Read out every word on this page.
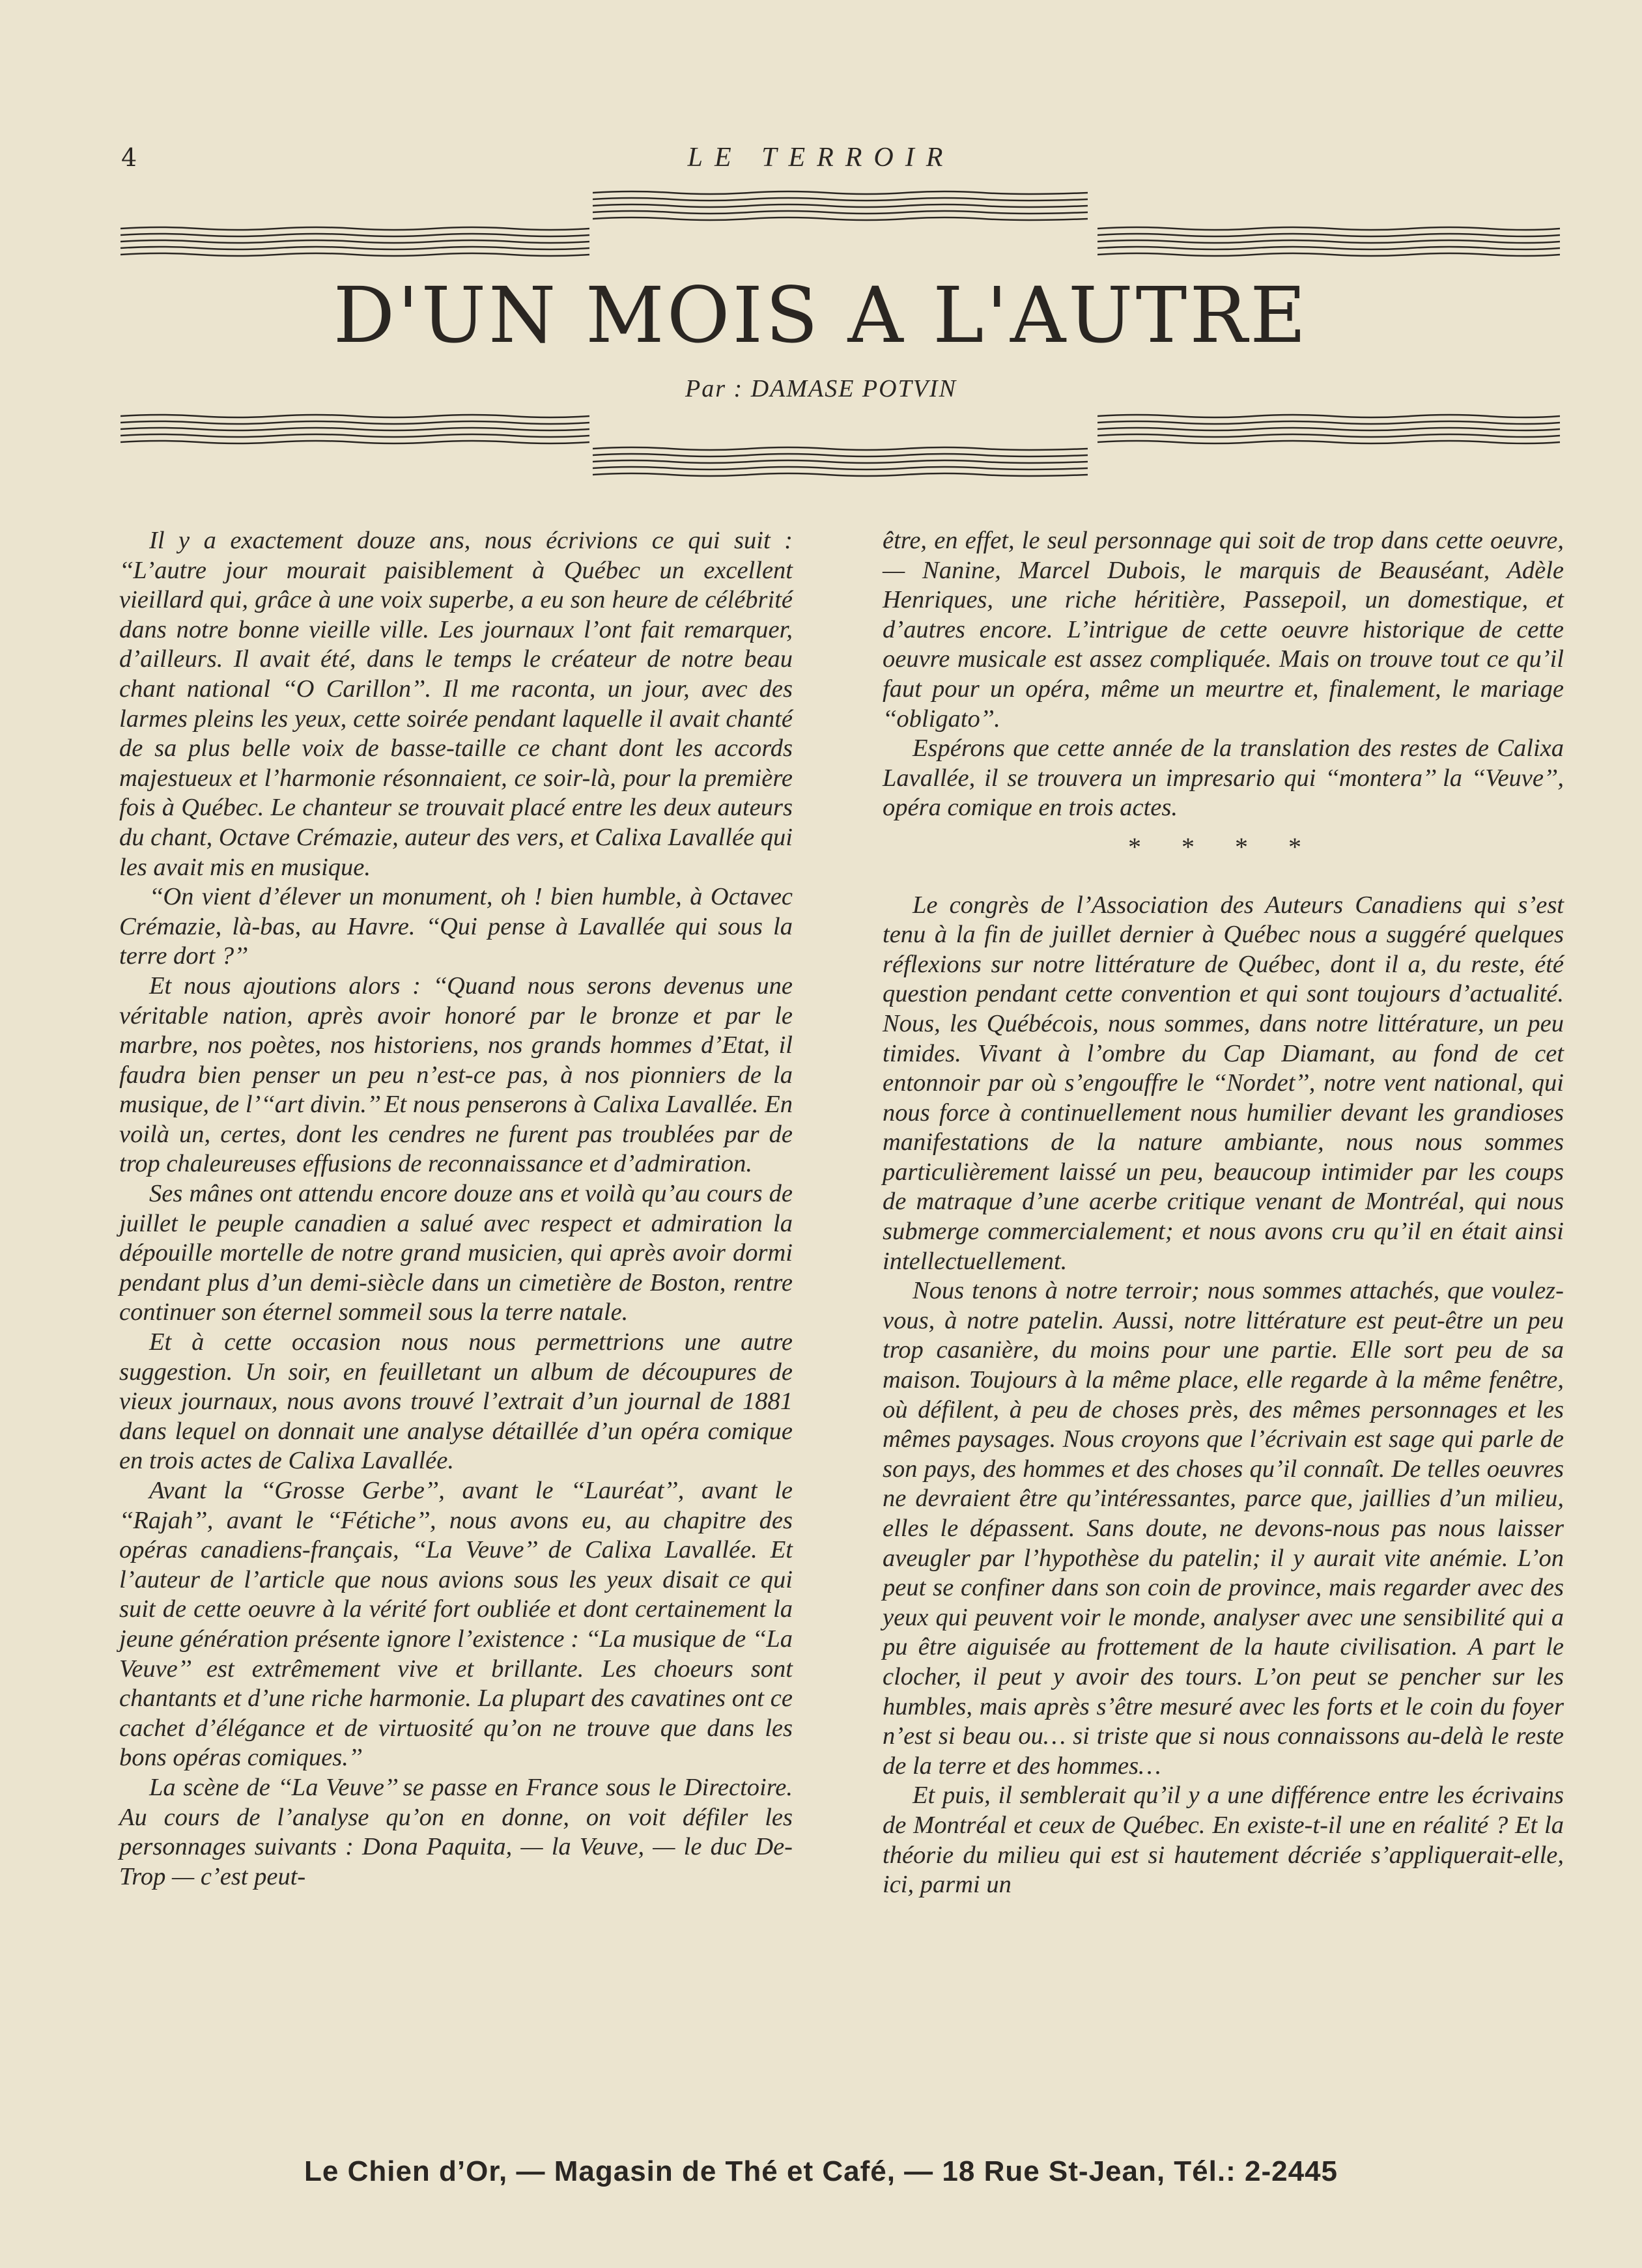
4	LE TERROIR
D'UN MOIS A L'AUTRE
Par : DAMASE POTVIN

Il y a exactement douze ans, nous écrivions ce qui suit : ‘‘L’autre jour mourait paisiblement à Québec un excellent vieillard qui, grâce à une voix superbe, a eu son heure de célébrité dans notre bonne vieille ville. Les journaux l’ont fait remarquer, d’ailleurs. Il avait été, dans le temps le créateur de notre beau chant national ‘‘O Carillon’’. Il me raconta, un jour, avec des larmes pleins les yeux, cette soirée pendant laquelle il avait chanté de sa plus belle voix de basse-taille ce chant dont les accords majestueux et l’harmonie résonnaient, ce soir-là, pour la première fois à Québec. Le chanteur se trouvait placé entre les deux auteurs du chant, Octave Crémazie, auteur des vers, et Calixa Lavallée qui les avait mis en musique.

‘‘On vient d’élever un monument, oh ! bien humble, à Octavec Crémazie, là-bas, au Havre. ‘‘Qui pense à Lavallée qui sous la terre dort ?’’

Et nous ajoutions alors : ‘‘Quand nous serons devenus une véritable nation, après avoir honoré par le bronze et par le marbre, nos poètes, nos historiens, nos grands hommes d’Etat, il faudra bien penser un peu n’est-ce pas, à nos pionniers de la musique, de l’‘‘art divin.’’ Et nous penserons à Calixa Lavallée. En voilà un, certes, dont les cendres ne furent pas troublées par de trop chaleureuses effusions de reconnaissance et d’admiration.

Ses mânes ont attendu encore douze ans et voilà qu’au cours de juillet le peuple canadien a salué avec respect et admiration la dépouille mortelle de notre grand musicien, qui après avoir dormi pendant plus d’un demi-siècle dans un cimetière de Boston, rentre continuer son éternel sommeil sous la terre natale.

Et à cette occasion nous nous permettrions une autre suggestion. Un soir, en feuilletant un album de découpures de vieux journaux, nous avons trouvé l’extrait d’un journal de 1881 dans lequel on donnait une analyse détaillée d’un opéra comique en trois actes de Calixa Lavallée.

Avant la ‘‘Grosse Gerbe’’, avant le ‘‘Lauréat’’, avant le ‘‘Rajah’’, avant le ‘‘Fétiche’’, nous avons eu, au chapitre des opéras canadiens-français, ‘‘La Veuve’’ de Calixa Lavallée. Et l’auteur de l’article que nous avions sous les yeux disait ce qui suit de cette oeuvre à la vérité fort oubliée et dont certainement la jeune génération présente ignore l’existence : ‘‘La musique de ‘‘La Veuve’’ est extrêmement vive et brillante. Les choeurs sont chantants et d’une riche harmonie. La plupart des cavatines ont ce cachet d’élégance et de virtuosité qu’on ne trouve que dans les bons opéras comiques.’’

La scène de ‘‘La Veuve’’ se passe en France sous le Directoire. Au cours de l’analyse qu’on en donne, on voit défiler les personnages suivants : Dona Paquita, — la Veuve, — le duc De-Trop — c’est peut-

être, en effet, le seul personnage qui soit de trop dans cette oeuvre, — Nanine, Marcel Dubois, le marquis de Beauséant, Adèle Henriques, une riche héritière, Passepoil, un domestique, et d’autres encore. L’intrigue de cette oeuvre historique de cette oeuvre musicale est assez compliquée. Mais on trouve tout ce qu’il faut pour un opéra, même un meurtre et, finalement, le mariage ‘‘obligato’’.

Espérons que cette année de la translation des restes de Calixa Lavallée, il se trouvera un impresario qui ‘‘montera’’ la ‘‘Veuve’’, opéra comique en trois actes.

* * * *

Le congrès de l’Association des Auteurs Canadiens qui s’est tenu à la fin de juillet dernier à Québec nous a suggéré quelques réflexions sur notre littérature de Québec, dont il a, du reste, été question pendant cette convention et qui sont toujours d’actualité. Nous, les Québécois, nous sommes, dans notre littérature, un peu timides. Vivant à l’ombre du Cap Diamant, au fond de cet entonnoir par où s’engouffre le ‘‘Nordet’’, notre vent national, qui nous force à continuellement nous humilier devant les grandioses manifestations de la nature ambiante, nous nous sommes particulièrement laissé un peu, beaucoup intimider par les coups de matraque d’une acerbe critique venant de Montréal, qui nous submerge commercialement; et nous avons cru qu’il en était ainsi intellectuellement.

Nous tenons à notre terroir; nous sommes attachés, que voulez-vous, à notre patelin. Aussi, notre littérature est peut-être un peu trop casanière, du moins pour une partie. Elle sort peu de sa maison. Toujours à la même place, elle regarde à la même fenêtre, où défilent, à peu de choses près, des mêmes personnages et les mêmes paysages. Nous croyons que l’écrivain est sage qui parle de son pays, des hommes et des choses qu’il connaît. De telles oeuvres ne devraient être qu’intéressantes, parce que, jaillies d’un milieu, elles le dépassent. Sans doute, ne devons-nous pas nous laisser aveugler par l’hypothèse du patelin; il y aurait vite anémie. L’on peut se confiner dans son coin de province, mais regarder avec des yeux qui peuvent voir le monde, analyser avec une sensibilité qui a pu être aiguisée au frottement de la haute civilisation. A part le clocher, il peut y avoir des tours. L’on peut se pencher sur les humbles, mais après s’être mesuré avec les forts et le coin du foyer n’est si beau ou… si triste que si nous connaissons au-delà le reste de la terre et des hommes…

Et puis, il semblerait qu’il y a une différence entre les écrivains de Montréal et ceux de Québec. En existe-t-il une en réalité ? Et la théorie du milieu qui est si hautement décriée s’appliquerait-elle, ici, parmi un

Le Chien d’Or, — Magasin de Thé et Café, — 18 Rue St-Jean, Tél.: 2-2445
